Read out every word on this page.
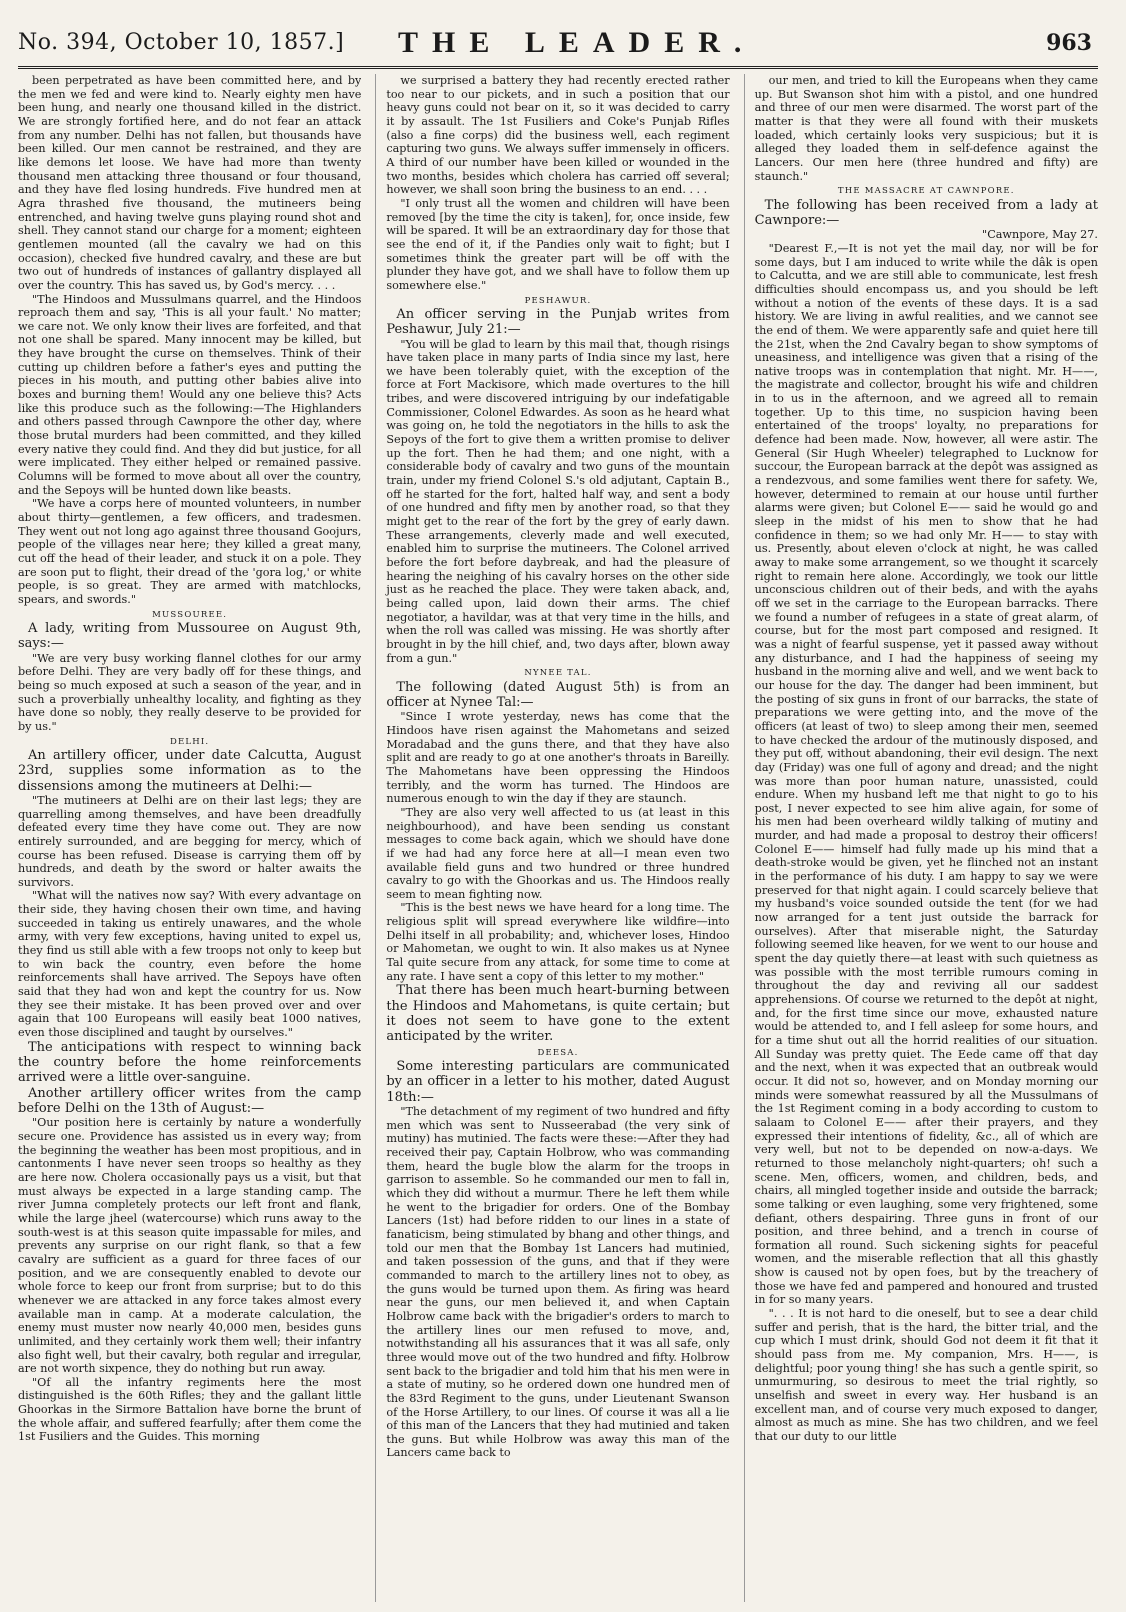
No. 394, October 10, 1857.] THE LEADER.	963

been perpetrated as have been committed here, and by the men we fed and were kind to. Nearly eighty men have been hung, and nearly one thousand killed in the district. We are strongly fortified here, and do not fear an attack from any number. Delhi has not fallen, but thousands have been killed. Our men cannot be restrained, and they are like demons let loose. We have had more than twenty thousand men attacking three thousand or four thousand, and they have fled losing hundreds. Five hundred men at Agra thrashed five thousand, the mutineers being entrenched, and having twelve guns playing round shot and shell. They cannot stand our charge for a moment; eighteen gentlemen mounted (all the cavalry we had on this occasion), checked five hundred cavalry, and these are but two out of hundreds of instances of gallantry displayed all over the country. This has saved us, by God's mercy. . . .

"The Hindoos and Mussulmans quarrel, and the Hindoos reproach them and say, 'This is all your fault.' No matter; we care not. We only know their lives are forfeited, and that not one shall be spared. Many innocent may be killed, but they have brought the curse on themselves. Think of their cutting up children before a father's eyes and putting the pieces in his mouth, and putting other babies alive into boxes and burning them! Would any one believe this? Acts like this produce such as the following:—The Highlanders and others passed through Cawnpore the other day, where those brutal murders had been committed, and they killed every native they could find. And they did but justice, for all were implicated. They either helped or remained passive. Columns will be formed to move about all over the country, and the Sepoys will be hunted down like beasts.

"We have a corps here of mounted volunteers, in number about thirty—gentlemen, a few officers, and tradesmen. They went out not long ago against three thousand Goojurs, people of the villages near here; they killed a great many, cut off the head of their leader, and stuck it on a pole. They are soon put to flight, their dread of the 'gora log,' or white people, is so great. They are armed with matchlocks, spears, and swords."

MUSSOUREE.

A lady, writing from Mussouree on August 9th, says:—

"We are very busy working flannel clothes for our army before Delhi. They are very badly off for these things, and being so much exposed at such a season of the year, and in such a proverbially unhealthy locality, and fighting as they have done so nobly, they really deserve to be provided for by us."

DELHI.

An artillery officer, under date Calcutta, August 23rd, supplies some information as to the dissensions among the mutineers at Delhi:—

"The mutineers at Delhi are on their last legs; they are quarrelling among themselves, and have been dreadfully defeated every time they have come out. They are now entirely surrounded, and are begging for mercy, which of course has been refused. Disease is carrying them off by hundreds, and death by the sword or halter awaits the survivors.

"What will the natives now say? With every advantage on their side, they having chosen their own time, and having succeeded in taking us entirely unawares, and the whole army, with very few exceptions, having united to expel us, they find us still able with a few troops not only to keep but to win back the country, even before the home reinforcements shall have arrived. The Sepoys have often said that they had won and kept the country for us. Now they see their mistake. It has been proved over and over again that 100 Europeans will easily beat 1000 natives, even those disciplined and taught by ourselves."

The anticipations with respect to winning back the country before the home reinforcements arrived were a little over-sanguine.

Another artillery officer writes from the camp before Delhi on the 13th of August:—

"Our position here is certainly by nature a wonderfully secure one. Providence has assisted us in every way; from the beginning the weather has been most propitious, and in cantonments I have never seen troops so healthy as they are here now. Cholera occasionally pays us a visit, but that must always be expected in a large standing camp. The river Jumna completely protects our left front and flank, while the large jheel (watercourse) which runs away to the south-west is at this season quite impassable for miles, and prevents any surprise on our right flank, so that a few cavalry are sufficient as a guard for three faces of our position, and we are consequently enabled to devote our whole force to keep our front from surprise; but to do this whenever we are attacked in any force takes almost every available man in camp. At a moderate calculation, the enemy must muster now nearly 40,000 men, besides guns unlimited, and they certainly work them well; their infantry also fight well, but their cavalry, both regular and irregular, are not worth sixpence, they do nothing but run away.

"Of all the infantry regiments here the most distinguished is the 60th Rifles; they and the gallant little Ghoorkas in the Sirmore Battalion have borne the brunt of the whole affair, and suffered fearfully; after them come the 1st Fusiliers and the Guides. This morning

we surprised a battery they had recently erected rather too near to our pickets, and in such a position that our heavy guns could not bear on it, so it was decided to carry it by assault. The 1st Fusiliers and Coke's Punjab Rifles (also a fine corps) did the business well, each regiment capturing two guns. We always suffer immensely in officers. A third of our number have been killed or wounded in the two months, besides which cholera has carried off several; however, we shall soon bring the business to an end. . . .

"I only trust all the women and children will have been removed [by the time the city is taken], for, once inside, few will be spared. It will be an extraordinary day for those that see the end of it, if the Pandies only wait to fight; but I sometimes think the greater part will be off with the plunder they have got, and we shall have to follow them up somewhere else."

PESHAWUR.

An officer serving in the Punjab writes from Peshawur, July 21:—

"You will be glad to learn by this mail that, though risings have taken place in many parts of India since my last, here we have been tolerably quiet, with the exception of the force at Fort Mackisore, which made overtures to the hill tribes, and were discovered intriguing by our indefatigable Commissioner, Colonel Edwardes. As soon as he heard what was going on, he told the negotiators in the hills to ask the Sepoys of the fort to give them a written promise to deliver up the fort. Then he had them; and one night, with a considerable body of cavalry and two guns of the mountain train, under my friend Colonel S.'s old adjutant, Captain B., off he started for the fort, halted half way, and sent a body of one hundred and fifty men by another road, so that they might get to the rear of the fort by the grey of early dawn. These arrangements, cleverly made and well executed, enabled him to surprise the mutineers. The Colonel arrived before the fort before daybreak, and had the pleasure of hearing the neighing of his cavalry horses on the other side just as he reached the place. They were taken aback, and, being called upon, laid down their arms. The chief negotiator, a havildar, was at that very time in the hills, and when the roll was called was missing. He was shortly after brought in by the hill chief, and, two days after, blown away from a gun."

NYNEE TAL.

The following (dated August 5th) is from an officer at Nynee Tal:—

"Since I wrote yesterday, news has come that the Hindoos have risen against the Mahometans and seized Moradabad and the guns there, and that they have also split and are ready to go at one another's throats in Bareilly. The Mahometans have been oppressing the Hindoos terribly, and the worm has turned. The Hindoos are numerous enough to win the day if they are staunch.

"They are also very well affected to us (at least in this neighbourhood), and have been sending us constant messages to come back again, which we should have done if we had had any force here at all—I mean even two available field guns and two hundred or three hundred cavalry to go with the Ghoorkas and us. The Hindoos really seem to mean fighting now.

"This is the best news we have heard for a long time. The religious split will spread everywhere like wildfire—into Delhi itself in all probability; and, whichever loses, Hindoo or Mahometan, we ought to win. It also makes us at Nynee Tal quite secure from any attack, for some time to come at any rate. I have sent a copy of this letter to my mother."

That there has been much heart-burning between the Hindoos and Mahometans, is quite certain; but it does not seem to have gone to the extent anticipated by the writer.

DEESA.

Some interesting particulars are communicated by an officer in a letter to his mother, dated August 18th:—

"The detachment of my regiment of two hundred and fifty men which was sent to Nusseerabad (the very sink of mutiny) has mutinied. The facts were these:—After they had received their pay, Captain Holbrow, who was commanding them, heard the bugle blow the alarm for the troops in garrison to assemble. So he commanded our men to fall in, which they did without a murmur. There he left them while he went to the brigadier for orders. One of the Bombay Lancers (1st) had before ridden to our lines in a state of fanaticism, being stimulated by bhang and other things, and told our men that the Bombay 1st Lancers had mutinied, and taken possession of the guns, and that if they were commanded to march to the artillery lines not to obey, as the guns would be turned upon them. As firing was heard near the guns, our men believed it, and when Captain Holbrow came back with the brigadier's orders to march to the artillery lines our men refused to move, and, notwithstanding all his assurances that it was all safe, only three would move out of the two hundred and fifty. Holbrow sent back to the brigadier and told him that his men were in a state of mutiny, so he ordered down one hundred men of the 83rd Regiment to the guns, under Lieutenant Swanson of the Horse Artillery, to our lines. Of course it was all a lie of this man of the Lancers that they had mutinied and taken the guns. But while Holbrow was away this man of the Lancers came back to

our men, and tried to kill the Europeans when they came up. But Swanson shot him with a pistol, and one hundred and three of our men were disarmed. The worst part of the matter is that they were all found with their muskets loaded, which certainly looks very suspicious; but it is alleged they loaded them in self-defence against the Lancers. Our men here (three hundred and fifty) are staunch."

THE MASSACRE AT CAWNPORE.

The following has been received from a lady at Cawnpore:—

"Cawnpore, May 27.

"Dearest F.,—It is not yet the mail day, nor will be for some days, but I am induced to write while the dâk is open to Calcutta, and we are still able to communicate, lest fresh difficulties should encompass us, and you should be left without a notion of the events of these days. It is a sad history. We are living in awful realities, and we cannot see the end of them. We were apparently safe and quiet here till the 21st, when the 2nd Cavalry began to show symptoms of uneasiness, and intelligence was given that a rising of the native troops was in contemplation that night. Mr. H——, the magistrate and collector, brought his wife and children in to us in the afternoon, and we agreed all to remain together. Up to this time, no suspicion having been entertained of the troops' loyalty, no preparations for defence had been made. Now, however, all were astir. The General (Sir Hugh Wheeler) telegraphed to Lucknow for succour, the European barrack at the depôt was assigned as a rendezvous, and some families went there for safety. We, however, determined to remain at our house until further alarms were given; but Colonel E—— said he would go and sleep in the midst of his men to show that he had confidence in them; so we had only Mr. H—— to stay with us. Presently, about eleven o'clock at night, he was called away to make some arrangement, so we thought it scarcely right to remain here alone. Accordingly, we took our little unconscious children out of their beds, and with the ayahs off we set in the carriage to the European barracks. There we found a number of refugees in a state of great alarm, of course, but for the most part composed and resigned. It was a night of fearful suspense, yet it passed away without any disturbance, and I had the happiness of seeing my husband in the morning alive and well, and we went back to our house for the day. The danger had been imminent, but the posting of six guns in front of our barracks, the state of preparations we were getting into, and the move of the officers (at least of two) to sleep among their men, seemed to have checked the ardour of the mutinously disposed, and they put off, without abandoning, their evil design. The next day (Friday) was one full of agony and dread; and the night was more than poor human nature, unassisted, could endure. When my husband left me that night to go to his post, I never expected to see him alive again, for some of his men had been overheard wildly talking of mutiny and murder, and had made a proposal to destroy their officers! Colonel E—— himself had fully made up his mind that a death-stroke would be given, yet he flinched not an instant in the performance of his duty. I am happy to say we were preserved for that night again. I could scarcely believe that my husband's voice sounded outside the tent (for we had now arranged for a tent just outside the barrack for ourselves). After that miserable night, the Saturday following seemed like heaven, for we went to our house and spent the day quietly there—at least with such quietness as was possible with the most terrible rumours coming in throughout the day and reviving all our saddest apprehensions. Of course we returned to the depôt at night, and, for the first time since our move, exhausted nature would be attended to, and I fell asleep for some hours, and for a time shut out all the horrid realities of our situation. All Sunday was pretty quiet. The Eede came off that day and the next, when it was expected that an outbreak would occur. It did not so, however, and on Monday morning our minds were somewhat reassured by all the Mussulmans of the 1st Regiment coming in a body according to custom to salaam to Colonel E—— after their prayers, and they expressed their intentions of fidelity, &c., all of which are very well, but not to be depended on now-a-days. We returned to those melancholy night-quarters; oh! such a scene. Men, officers, women, and children, beds, and chairs, all mingled together inside and outside the barrack; some talking or even laughing, some very frightened, some defiant, others despairing. Three guns in front of our position, and three behind, and a trench in course of formation all round. Such sickening sights for peaceful women, and the miserable reflection that all this ghastly show is caused not by open foes, but by the treachery of those we have fed and pampered and honoured and trusted in for so many years.

". . . It is not hard to die oneself, but to see a dear child suffer and perish, that is the hard, the bitter trial, and the cup which I must drink, should God not deem it fit that it should pass from me. My companion, Mrs. H——, is delightful; poor young thing! she has such a gentle spirit, so unmurmuring, so desirous to meet the trial rightly, so unselfish and sweet in every way. Her husband is an excellent man, and of course very much exposed to danger, almost as much as mine. She has two children, and we feel that our duty to our little
